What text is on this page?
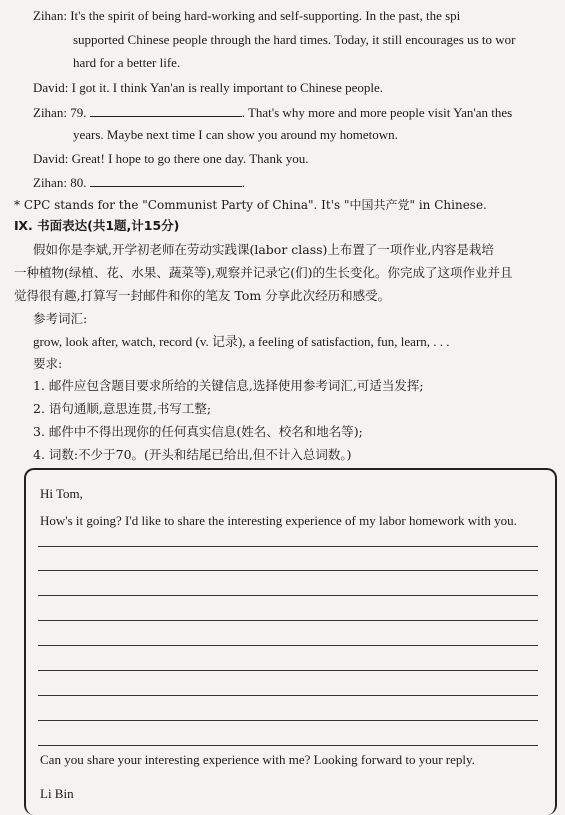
Zihan: It's the spirit of being hard-working and self-supporting. In the past, the spi
supported Chinese people through the hard times. Today, it still encourages us to wor
hard for a better life.
David: I got it. I think Yan'an is really important to Chinese people.
Zihan: 79.	. That's why more and more people visit Yan'an thes
years. Maybe next time I can show you around my hometown.
David: Great! I hope to go there one day. Thank you.
Zihan: 80.	.
* CPC stands for the "Communist Party of China". It's "中国共产党" in Chinese.
Ⅸ. 书面表达(共1题,计15分)
假如你是李斌,开学初老师在劳动实践课(labor class)上布置了一项作业,内容是栽培
一种植物(绿植、花、水果、蔬菜等),观察并记录它(们)的生长变化。你完成了这项作业并且
觉得很有趣,打算写一封邮件和你的笔友 Tom 分享此次经历和感受。
参考词汇:
grow, look after, watch, record (v. 记录), a feeling of satisfaction, fun, learn, . . .
要求:
1. 邮件应包含题目要求所给的关键信息,选择使用参考词汇,可适当发挥;
2. 语句通顺,意思连贯,书写工整;
3. 邮件中不得出现你的任何真实信息(姓名、校名和地名等);
4. 词数:不少于70。(开头和结尾已给出,但不计入总词数。)
Hi Tom,
How's it going? I'd like to share the interesting experience of my labor homework with you.
Can you share your interesting experience with me? Looking forward to your reply.
Li Bin
